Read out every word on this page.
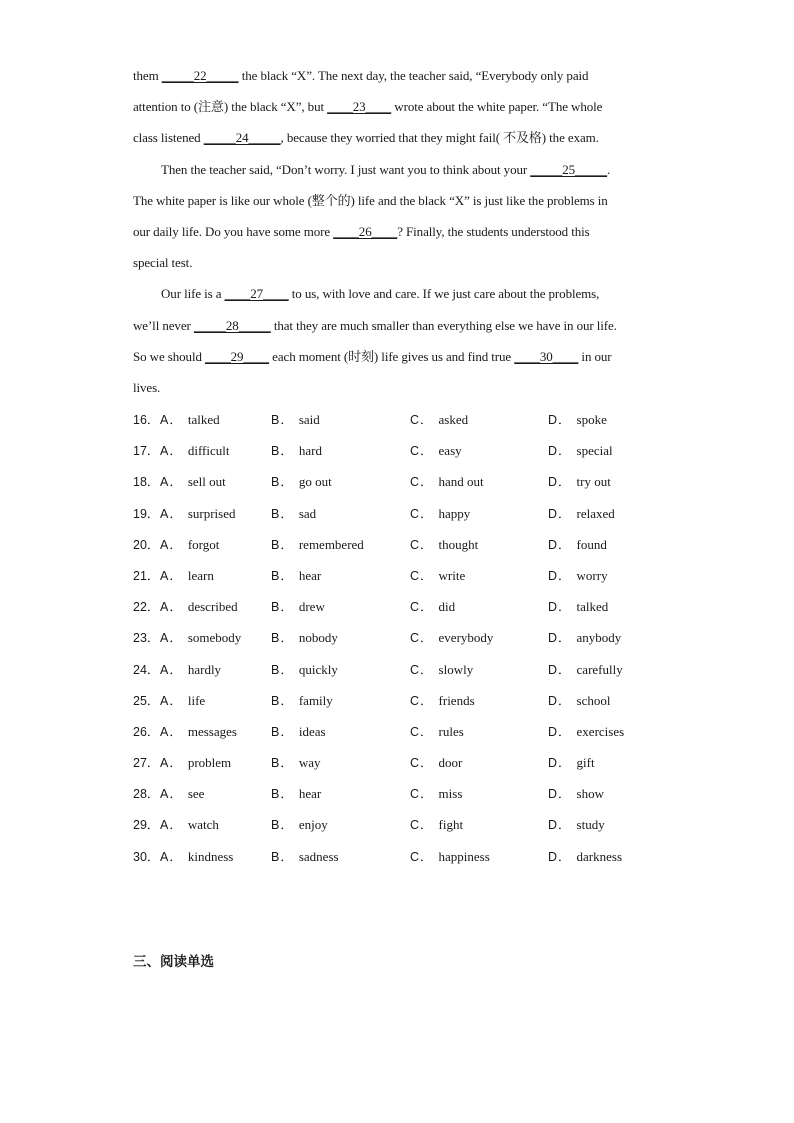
them _____22_____ the black “X”. The next day, the teacher said, “Everybody only paid
attention to (注意) the black “X”, but ____23____ wrote about the white paper. “The whole
class listened _____24_____, because they worried that they might fail( 不及格) the exam.
Then the teacher said, “Don’t worry. I just want you to think about your _____25_____.
The white paper is like our whole (整个的) life and the black “X” is just like the problems in
our daily life. Do you have some more ____26____? Finally, the students understood this
special test.
Our life is a ____27____ to us, with love and care. If we just care about the problems,
we’ll never _____28_____ that they are much smaller than everything else we have in our life.
So we should ____29____ each moment (时刻) life gives us and find true ____30____ in our
lives.
16． A． talked	B． said	C． asked	D． spoke
17． A． difficult	B． hard	C． easy	D． special
18． A． sell out	B． go out	C． hand out	D． try out
19． A． surprised	B． sad	C． happy	D． relaxed
20． A． forgot	B． remembered	C． thought	D． found
21． A． learn	B． hear	C． write	D． worry
22． A． described	B． drew	C． did	D． talked
23． A． somebody B． nobody	C． everybody	D． anybody
24． A． hardly	B． quickly	C． slowly	D． carefully
25． A． life	B． family	C． friends	D． school
26． A． messages	B． ideas	C． rules	D． exercises
27． A． problem	B． way	C． door	D． gift
28． A． see	B． hear	C． miss	D． show
29． A． watch	B． enjoy	C． fight	D． study
30． A． kindness	B． sadness	C． happiness	D． darkness
三、阅读单选
